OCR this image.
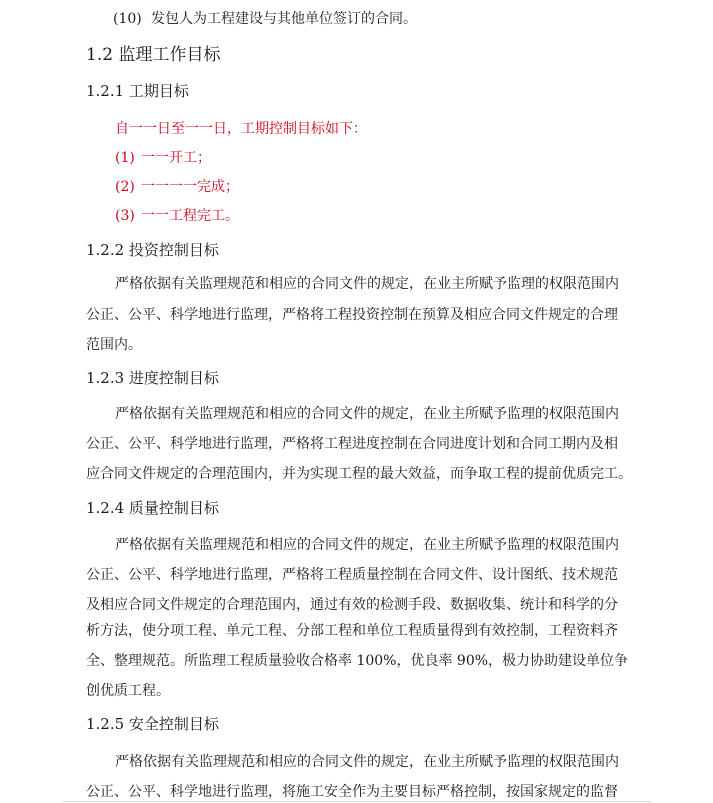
(10) 发包人为工程建设与其他单位签订的合同。
1.2 监理工作目标
1.2.1 工期目标
自一一日至一一日，工期控制目标如下：
(1) 一一开工；
(2) 一一一一完成；
(3) 一一工程完工。
1.2.2 投资控制目标
严格依据有关监理规范和相应的合同文件的规定，在业主所赋予监理的权限范围内
公正、公平、科学地进行监理，严格将工程投资控制在预算及相应合同文件规定的合理
范围内。
1.2.3 进度控制目标
严格依据有关监理规范和相应的合同文件的规定，在业主所赋予监理的权限范围内
公正、公平、科学地进行监理，严格将工程进度控制在合同进度计划和合同工期内及相
应合同文件规定的合理范围内，并为实现工程的最大效益，而争取工程的提前优质完工。
1.2.4 质量控制目标
严格依据有关监理规范和相应的合同文件的规定，在业主所赋予监理的权限范围内
公正、公平、科学地进行监理，严格将工程质量控制在合同文件、设计图纸、技术规范
及相应合同文件规定的合理范围内，通过有效的检测手段、数据收集、统计和科学的分
析方法，使分项工程、单元工程、分部工程和单位工程质量得到有效控制，工程资料齐
全、整理规范。所监理工程质量验收合格率 100%，优良率 90%，极力协助建设单位争
创优质工程。
1.2.5 安全控制目标
严格依据有关监理规范和相应的合同文件的规定，在业主所赋予监理的权限范围内
公正、公平、科学地进行监理，将施工安全作为主要目标严格控制，按国家规定的监督
